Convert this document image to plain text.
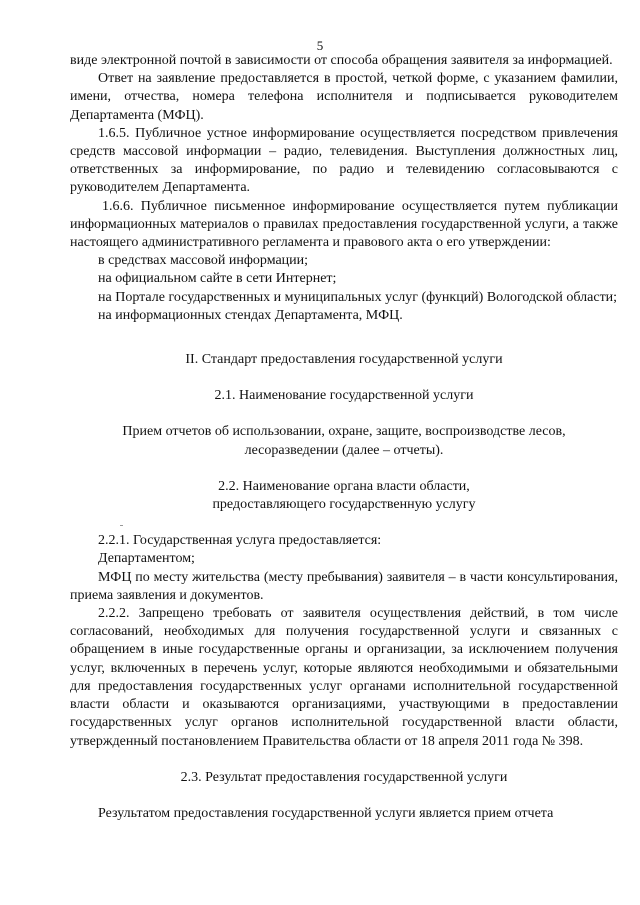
5

виде электронной почтой в зависимости от способа обращения заявителя за информацией.

Ответ на заявление предоставляется в простой, четкой форме, с указанием фамилии, имени, отчества, номера телефона исполнителя и подписывается руководителем Департамента (МФЦ).

1.6.5. Публичное устное информирование осуществляется посредством привлечения средств массовой информации – радио, телевидения. Выступления должностных лиц, ответственных за информирование, по радио и телевидению согласовываются с руководителем Департамента.

1.6.6. Публичное письменное информирование осуществляется путем публикации информационных материалов о правилах предоставления государственной услуги, а также настоящего административного регламента и правового акта о его утверждении:

в средствах массовой информации;

на официальном сайте в сети Интернет;

на Портале государственных и муниципальных услуг (функций) Вологодской области;

на информационных стендах Департамента, МФЦ.

II. Стандарт предоставления государственной услуги

2.1. Наименование государственной услуги

Прием отчетов об использовании, охране, защите, воспроизводстве лесов, лесоразведении (далее – отчеты).

2.2. Наименование органа власти области,

предоставляющего государственную услугу

2.2.1. Государственная услуга предоставляется:

Департаментом;

МФЦ по месту жительства (месту пребывания) заявителя – в части консультирования, приема заявления и документов.

2.2.2. Запрещено требовать от заявителя осуществления действий, в том числе согласований, необходимых для получения государственной услуги и связанных с обращением в иные государственные органы и организации, за исключением получения услуг, включенных в перечень услуг, которые являются необходимыми и обязательными для предоставления государственных услуг органами исполнительной государственной власти области и оказываются организациями, участвующими в предоставлении государственных услуг органов исполнительной государственной власти области, утвержденный постановлением Правительства области от 18 апреля 2011 года № 398.

2.3. Результат предоставления государственной услуги

Результатом предоставления государственной услуги является прием отчета
